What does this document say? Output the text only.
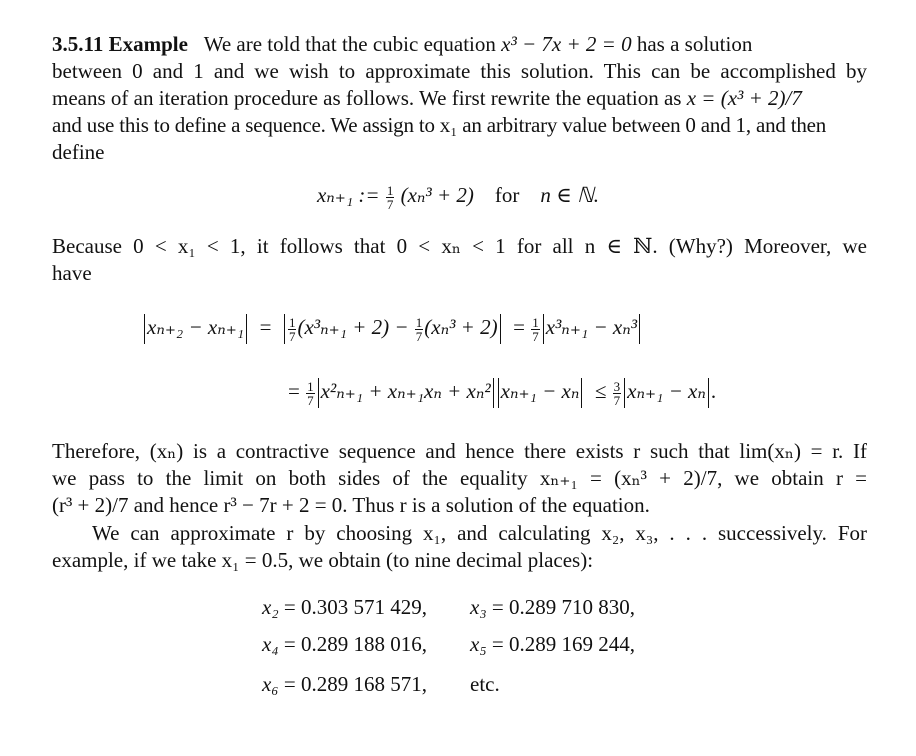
3.5.11 Example We are told that the cubic equation x³ − 7x + 2 = 0 has a solution
between 0 and 1 and we wish to approximate this solution. This can be accomplished by
means of an iteration procedure as follows. We first rewrite the equation as x = (x³ + 2)/7
and use this to define a sequence. We assign to x₁ an arbitrary value between 0 and 1, and then
define
xₙ₊₁ := $\frac{1}{7} (x_n^3 + 2)$ for n ∈ ℕ.
Because 0 < x₁ < 1, it follows that 0 < xₙ < 1 for all n ∈ ℕ. (Why?) Moreover, we
have
$x_{n+2} - x_{n+1} = \frac{1}{7} (x^3_{n+1} + 2) - \frac{1}{7} (x_n^3 + 2) = \frac{1}{7} x^3_{n+1} - x_n^3$
= $\frac{1}{7} x^2_{n+1} + x_{n+1}x_n + x_n^2$ $x_{n+1} - x_n \le \frac{3}{7} x_{n+1} - x_n$ .
Therefore, (xₙ) is a contractive sequence and hence there exists r such that lim(xₙ) = r. If
we pass to the limit on both sides of the equality xₙ₊₁ = (xₙ³ + 2)/7, we obtain r =
(r³ + 2)/7 and hence r³ − 7r + 2 = 0. Thus r is a solution of the equation.
We can approximate r by choosing x₁, and calculating x₂, x₃, . . . successively. For
example, if we take x₁ = 0.5, we obtain (to nine decimal places):
x₂ = 0.303 571 429, x₃ = 0.289 710 830,
x₄ = 0.289 188 016, x₅ = 0.289 169 244,
x₆ = 0.289 168 571, etc.
